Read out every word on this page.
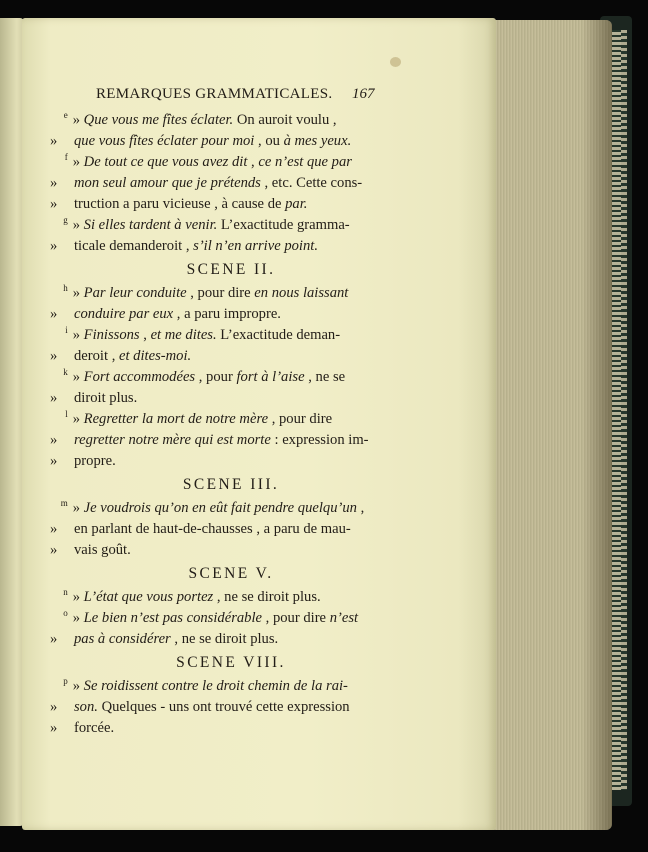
REMARQUES GRAMMATICALES. 167
$^e$ » Que vous me fîtes éclater. On auroit voulu ,
» que vous fîtes éclater pour moi , ou à mes yeux.
$^f$ » De tout ce que vous avez dit , ce n’est que par
» mon seul amour que je prétends , etc. Cette cons-
» truction a paru vicieuse , à cause de par.
$^g$ » Si elles tardent à venir. L’exactitude gramma-
» ticale demanderoit , s’il n’en arrive point.
SCENE II.
$^h$ » Par leur conduite , pour dire en nous laissant
» conduire par eux , a paru impropre.
$^i$ » Finissons , et me dites. L’exactitude deman-
» deroit , et dites-moi.
$^k$ » Fort accommodées , pour fort à l’aise , ne se
» diroit plus.
$^l$ » Regretter la mort de notre mère , pour dire
» regretter notre mère qui est morte : expression im-
» propre.
SCENE III.
$^m$ » Je voudrois qu’on en eût fait pendre quelqu’un ,
» en parlant de haut-de-chausses , a paru de mau-
» vais goût.
SCENE V.
$^n$ » L’état que vous portez , ne se diroit plus.
$^o$ » Le bien n’est pas considérable , pour dire n’est
» pas à considérer , ne se diroit plus.
SCENE VIII.
$^p$ » Se roidissent contre le droit chemin de la rai-
» son. Quelques - uns ont trouvé cette expression
» forcée.
